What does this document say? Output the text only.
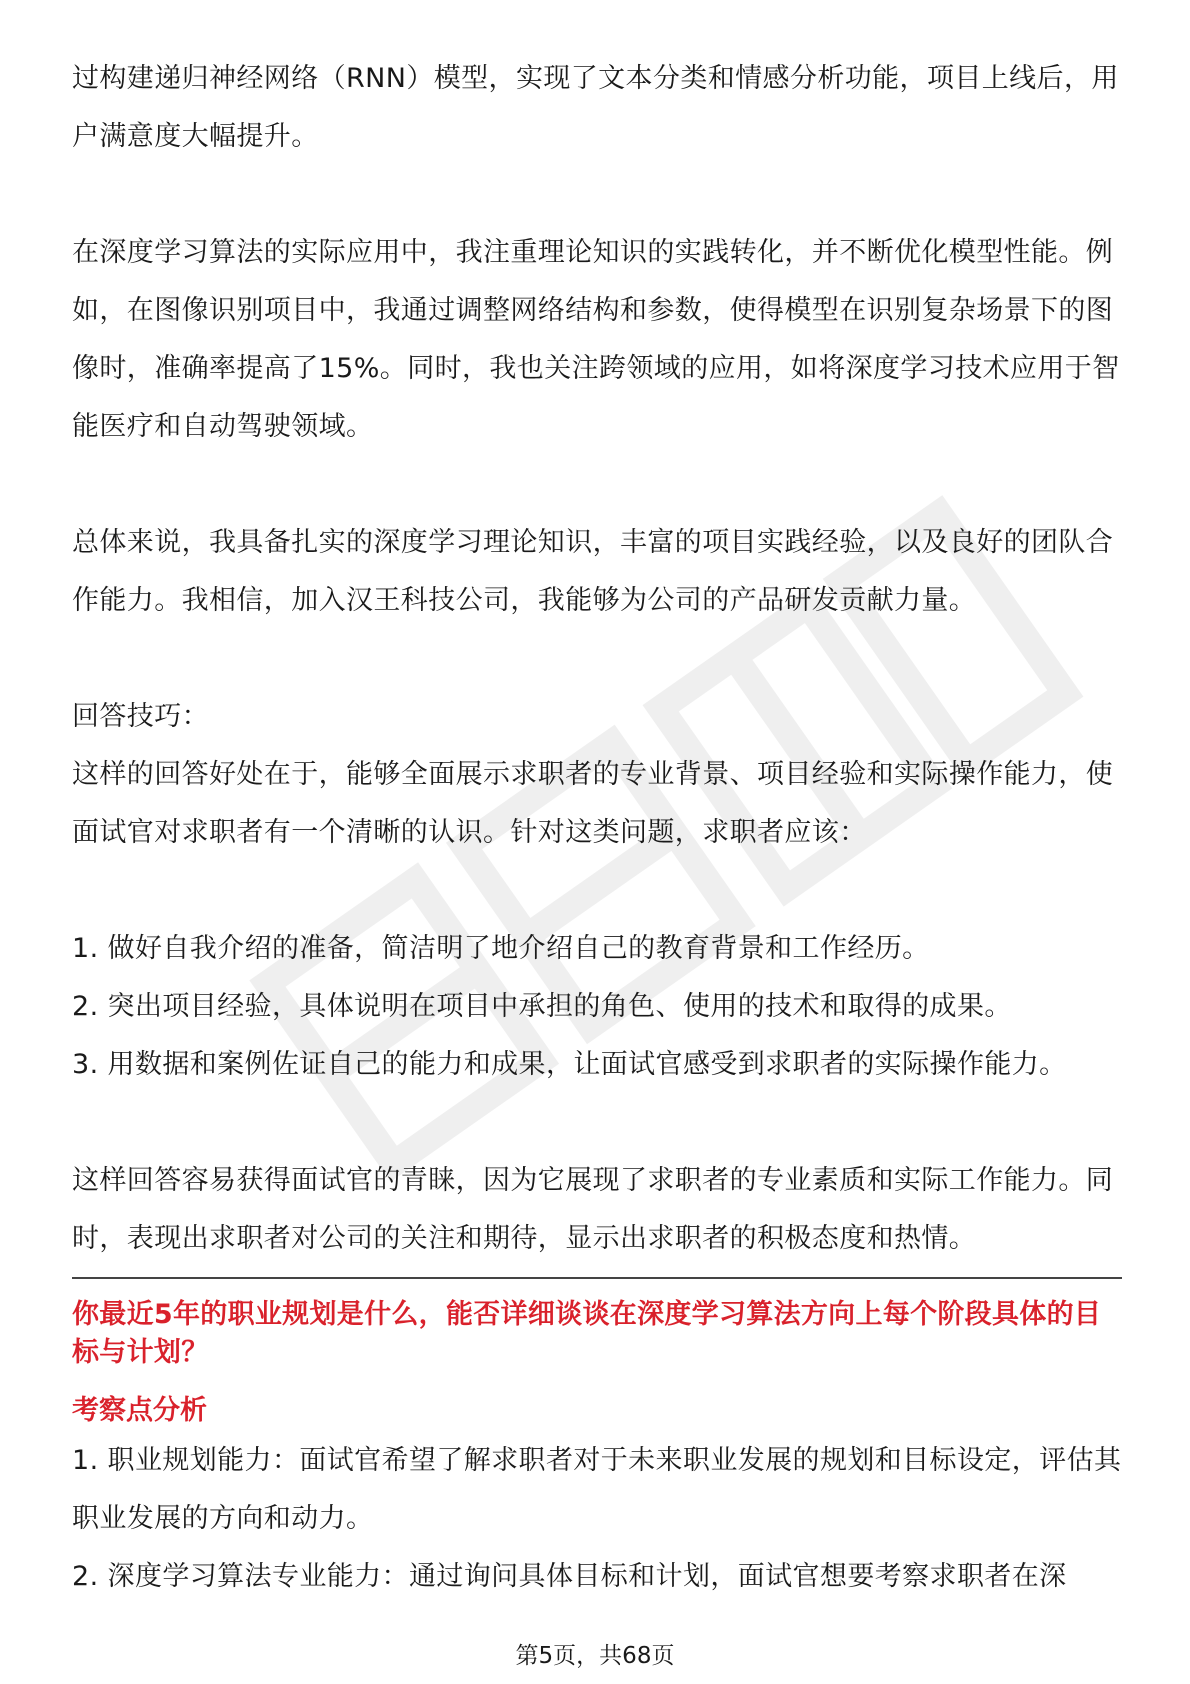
过构建递归神经网络（RNN）模型，实现了文本分类和情感分析功能，项目上线后，用户满意度大幅提升。

在深度学习算法的实际应用中，我注重理论知识的实践转化，并不断优化模型性能。例如，在图像识别项目中，我通过调整网络结构和参数，使得模型在识别复杂场景下的图像时，准确率提高了15%。同时，我也关注跨领域的应用，如将深度学习技术应用于智能医疗和自动驾驶领域。

总体来说，我具备扎实的深度学习理论知识，丰富的项目实践经验，以及良好的团队合作能力。我相信，加入汉王科技公司，我能够为公司的产品研发贡献力量。

回答技巧：

这样的回答好处在于，能够全面展示求职者的专业背景、项目经验和实际操作能力，使面试官对求职者有一个清晰的认识。针对这类问题，求职者应该：

1. 做好自我介绍的准备，简洁明了地介绍自己的教育背景和工作经历。

2. 突出项目经验，具体说明在项目中承担的角色、使用的技术和取得的成果。

3. 用数据和案例佐证自己的能力和成果，让面试官感受到求职者的实际操作能力。

这样回答容易获得面试官的青睐，因为它展现了求职者的专业素质和实际工作能力。同时，表现出求职者对公司的关注和期待，显示出求职者的积极态度和热情。

你最近5年的职业规划是什么，能否详细谈谈在深度学习算法方向上每个阶段具体的目标与计划？

考察点分析

1. 职业规划能力：面试官希望了解求职者对于未来职业发展的规划和目标设定，评估其职业发展的方向和动力。

2. 深度学习算法专业能力：通过询问具体目标和计划，面试官想要考察求职者在深

第5页，共68页
